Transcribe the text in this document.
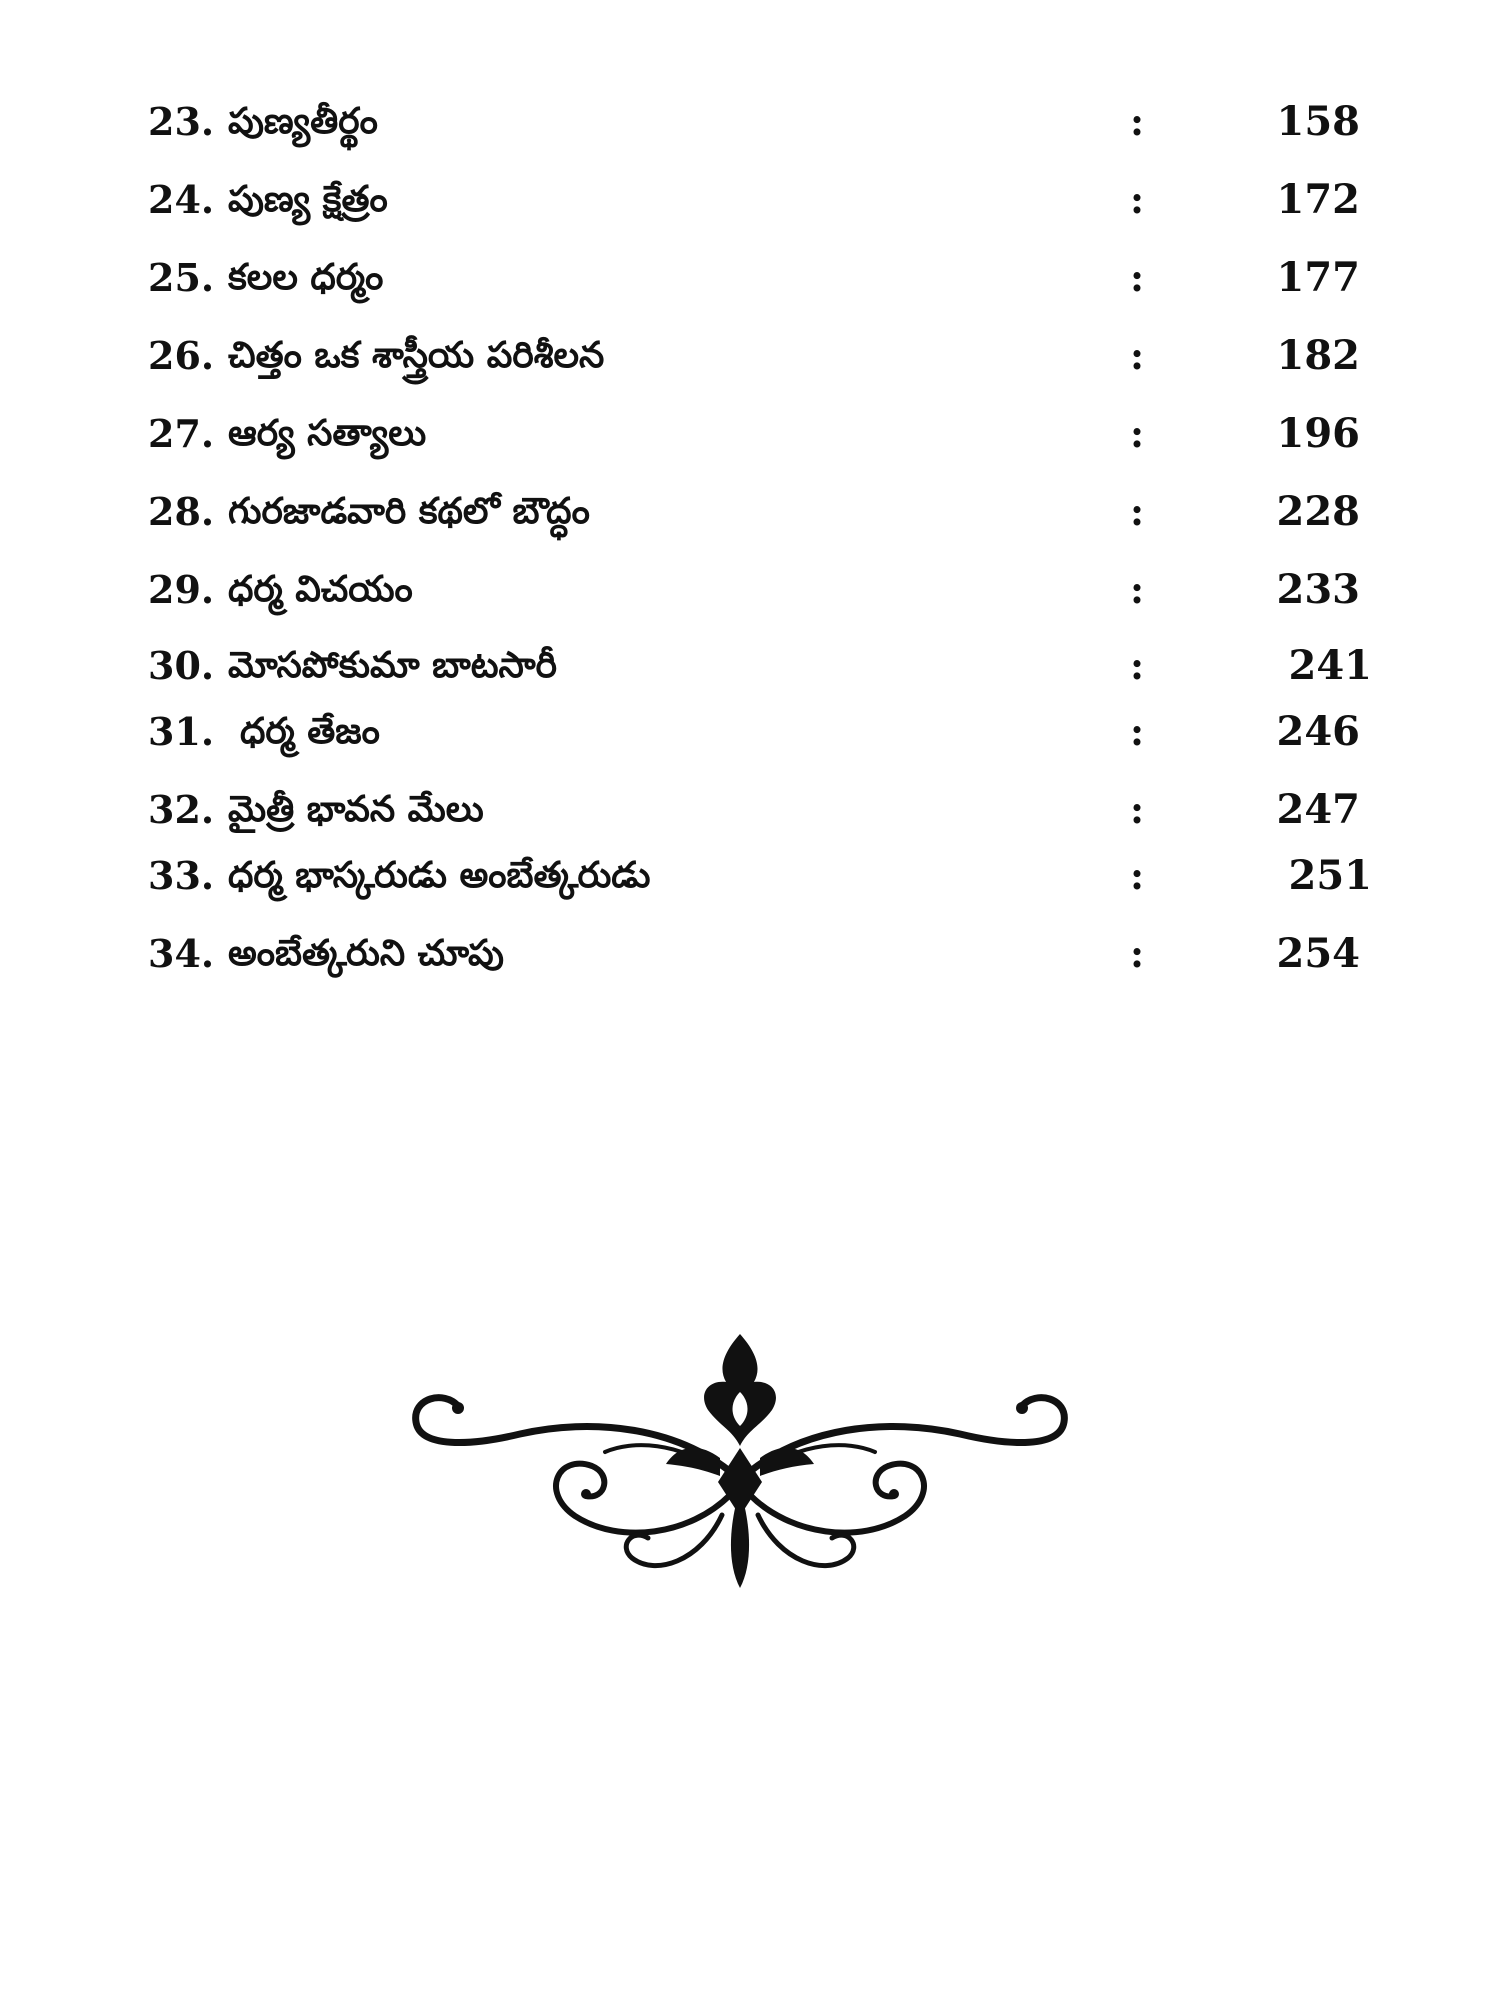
23. పుణ్యతీర్థం	:	158
24. పుణ్య క్షేత్రం	:	172
25. కలల ధర్మం	:	177
26. చిత్తం ఒక శాస్త్రీయ పరిశీలన	:	182
27. ఆర్య సత్యాలు	:	196
28. గురజాడవారి కథలో బౌద్ధం	:	228
29. ధర్మ విచయం	:	233
30. మోసపోకుమా బాటసారీ	:	241
31. ధర్మ తేజం	:	246
32. మైత్రీ భావన మేలు	:	247
33. ధర్మ భాస్కరుడు అంబేత్కరుడు	:	251
34. అంబేత్కరుని చూపు	:	254
